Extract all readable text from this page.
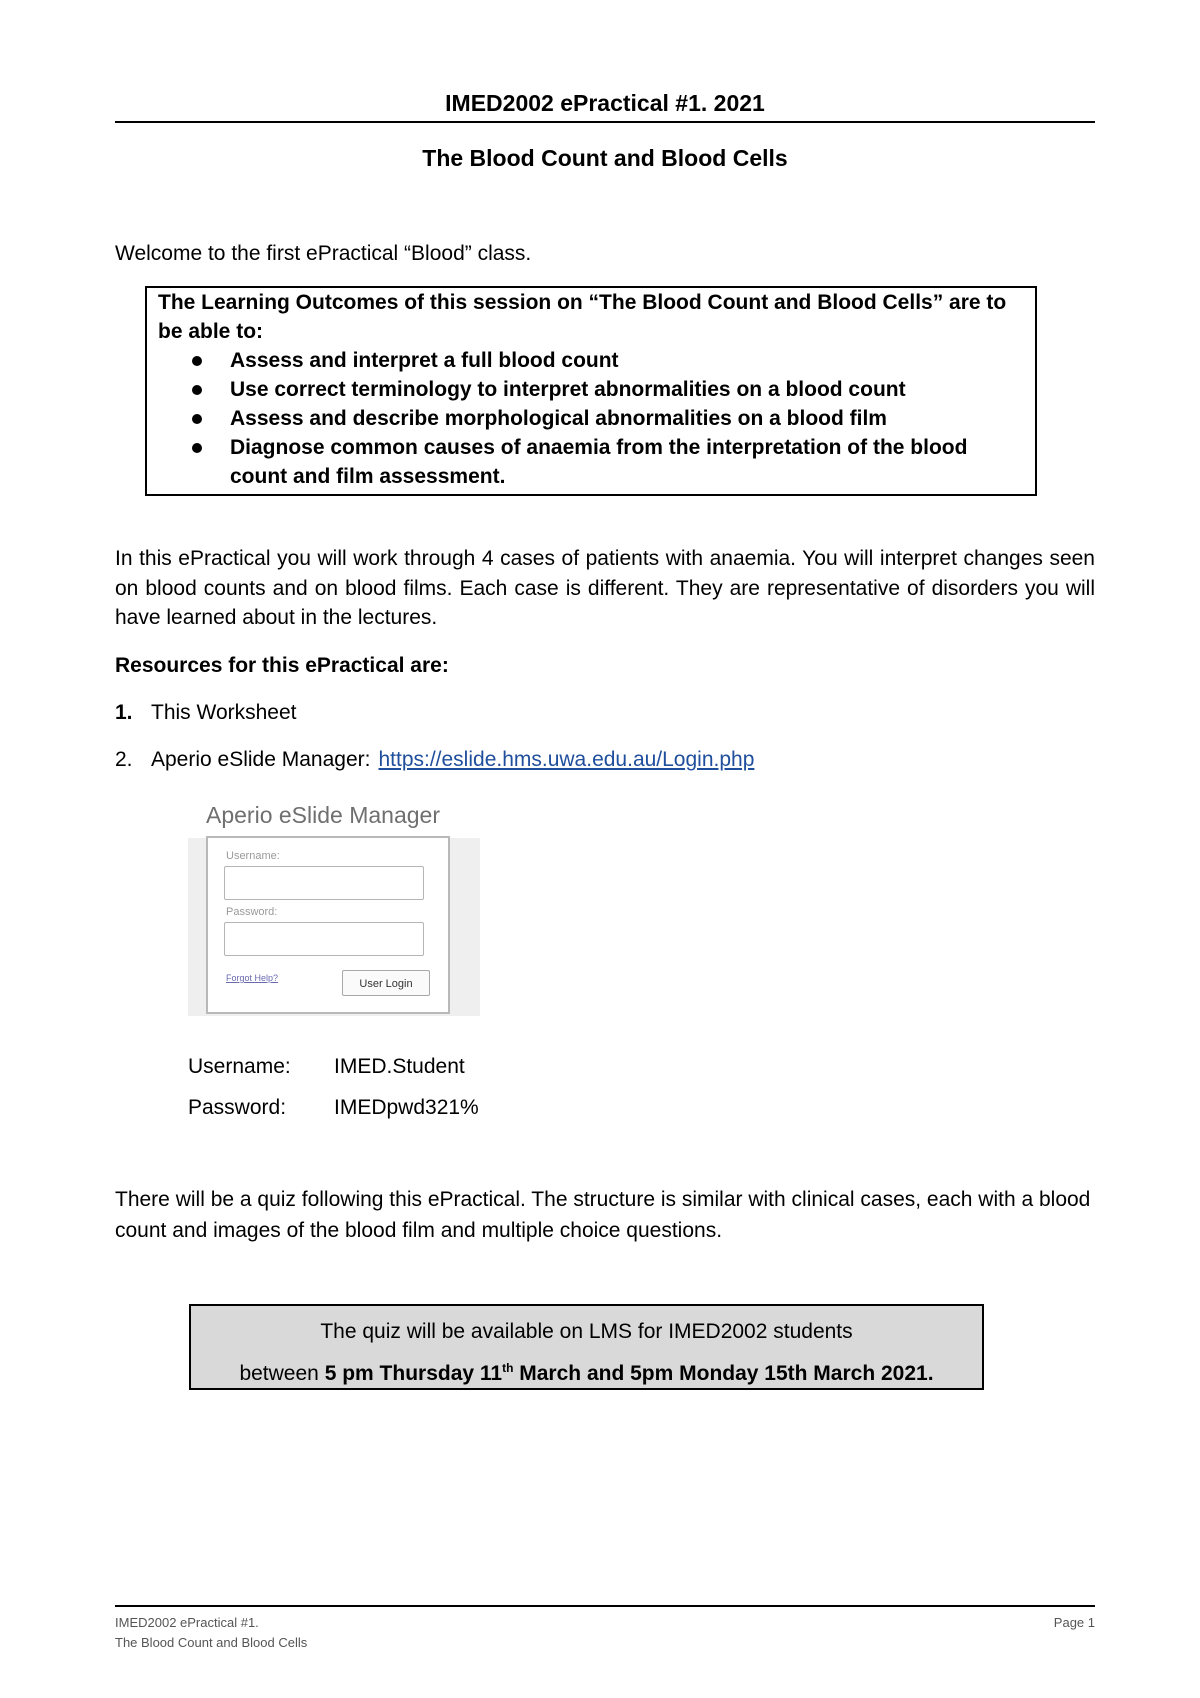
IMED2002 ePractical #1. 2021
The Blood Count and Blood Cells
Welcome to the first ePractical “Blood” class.

The Learning Outcomes of this session on “The Blood Count and Blood Cells” are to be able to:

Assess and interpret a full blood count
Use correct terminology to interpret abnormalities on a blood count
Assess and describe morphological abnormalities on a blood film
Diagnose common causes of anaemia from the interpretation of the blood count and film assessment.
In this ePractical you will work through 4 cases of patients with anaemia. You will interpret changes seen on blood counts and on blood films. Each case is different. They are representative of disorders you will have learned about in the lectures.
Resources for this ePractical are:
1. This Worksheet
2. Aperio eSlide Manager: https://eslide.hms.uwa.edu.au/Login.php
Aperio eSlide Manager
Username:
Password:
Forgot Help?	User Login
Username: IMED.Student
Password: IMEDpwd321%
There will be a quiz following this ePractical. The structure is similar with clinical cases, each with a blood count and images of the blood film and multiple choice questions.
The quiz will be available on LMS for IMED2002 students
between 5 pm Thursday 11th March and 5pm Monday 15th March 2021.
IMED2002 ePractical #1.
The Blood Count and Blood Cells
Page 1
